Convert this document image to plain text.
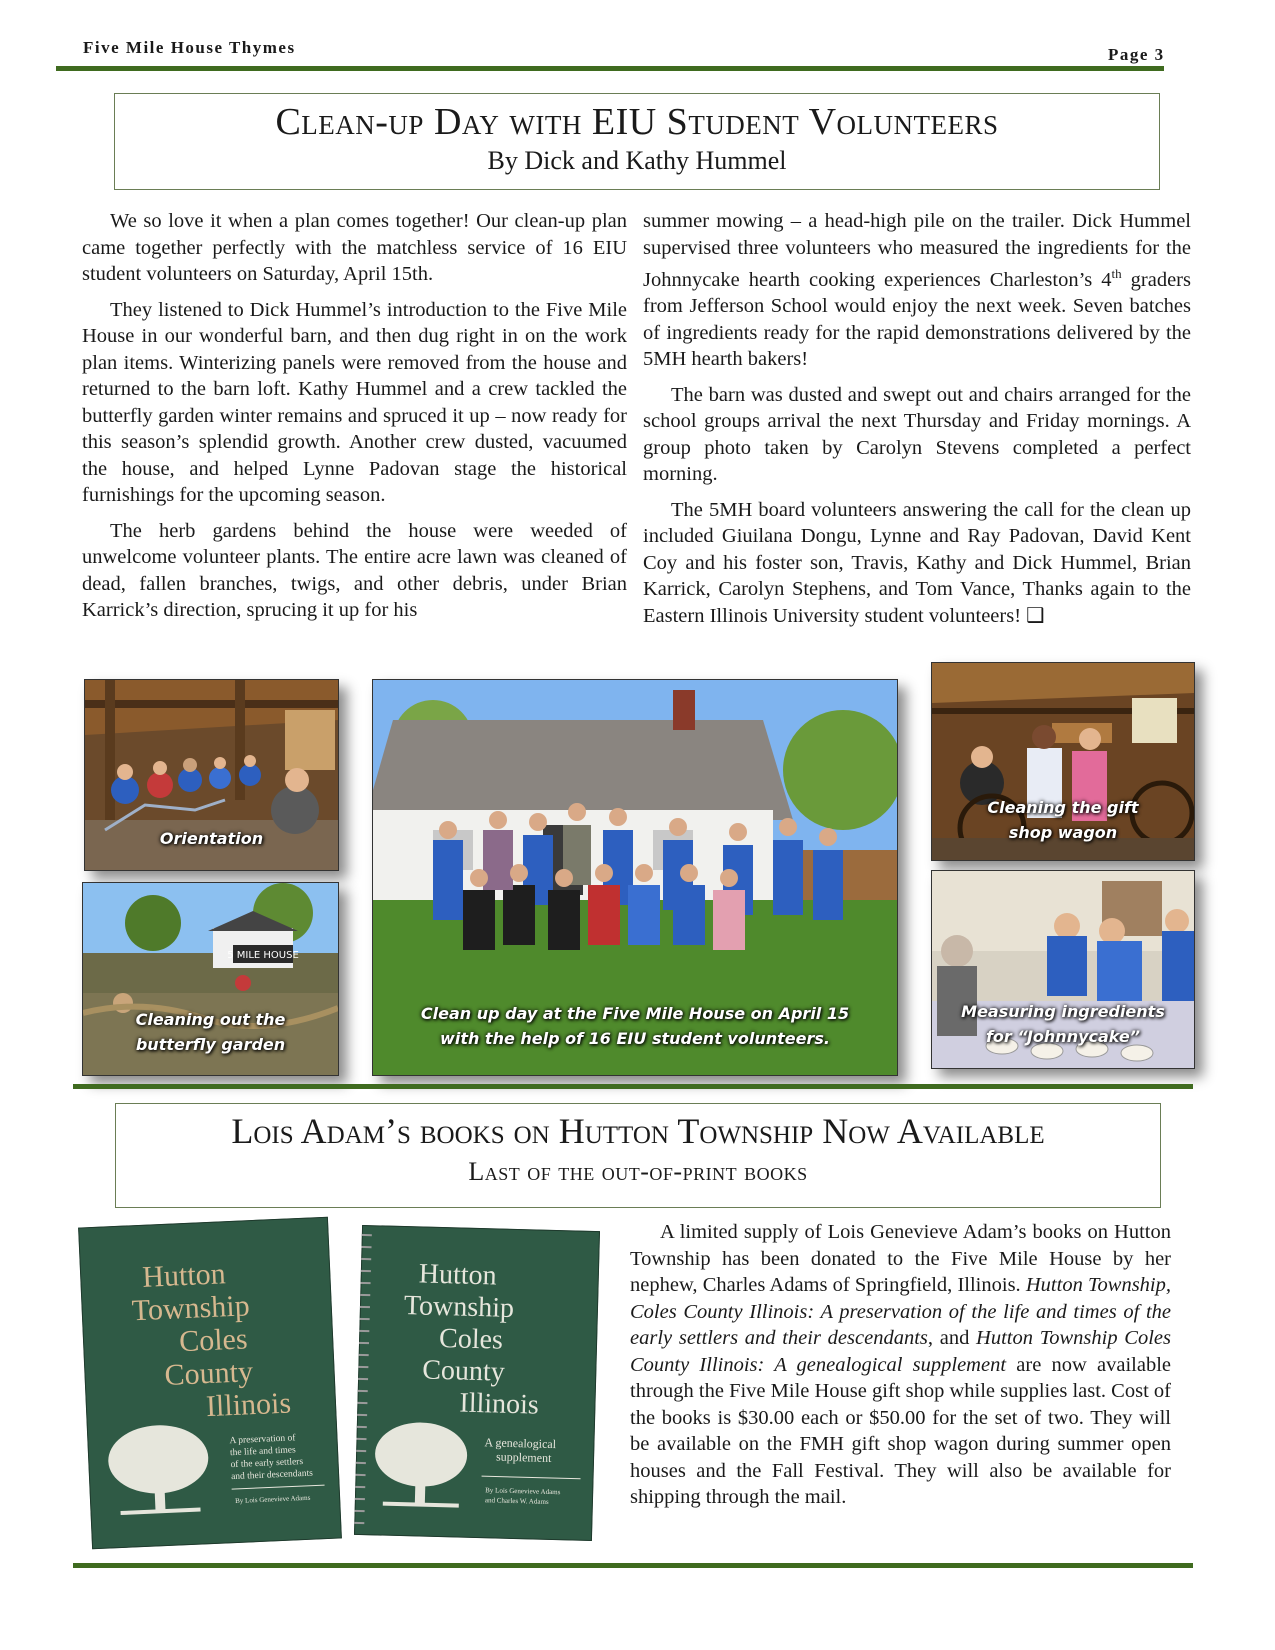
Five Mile House Thymes	Page 3
Clean-up Day with EIU Student Volunteers
By Dick and Kathy Hummel

We so love it when a plan comes together! Our clean-up plan came together perfectly with the matchless service of 16 EIU student volunteers on Saturday, April 15th.

They listened to Dick Hummel’s introduction to the Five Mile House in our wonderful barn, and then dug right in on the work plan items. Winterizing panels were removed from the house and returned to the barn loft. Kathy Hummel and a crew tackled the butterfly garden winter remains and spruced it up – now ready for this season’s splendid growth. Another crew dusted, vacuumed the house, and helped Lynne Padovan stage the historical furnishings for the upcoming season.

The herb gardens behind the house were weeded of unwelcome volunteer plants. The entire acre lawn was cleaned of dead, fallen branches, twigs, and other debris, under Brian Karrick’s direction, sprucing it up for his

summer mowing – a head-high pile on the trailer. Dick Hummel supervised three volunteers who measured the ingredients for the Johnnycake hearth cooking experiences Charleston’s 4th graders from Jefferson School would enjoy the next week. Seven batches of ingredients ready for the rapid demonstrations delivered by the 5MH hearth bakers!

The barn was dusted and swept out and chairs arranged for the school groups arrival the next Thursday and Friday mornings. A group photo taken by Carolyn Stevens completed a perfect morning.

The 5MH board volunteers answering the call for the clean up included Giuilana Dongu, Lynne and Ray Padovan, David Kent Coy and his foster son, Travis, Kathy and Dick Hummel, Brian Karrick, Carolyn Stephens, and Tom Vance, Thanks again to the Eastern Illinois University student volunteers! ❑

Orientation
5 MILE HOUSE
Cleaning out the
butterfly garden
Clean up day at the Five Mile House on April 15
with the help of 16 EIU student volunteers.
Cleaning the gift
shop wagon
Measuring ingredients
for “Johnnycake”
Lois Adam’s books on Hutton Township Now Available
Last of the out-of-print books
Hutton
Township
Coles
County
Illinois
A preservation of
the life and times
of the early settlers
and their descendants
By Lois Genevieve Adams
Hutton
Township
Coles
County
Illinois
A genealogical
supplement
By Lois Genevieve Adams
and Charles W. Adams

A limited supply of Lois Genevieve Adam’s books on Hutton Township has been donated to the Five Mile House by her nephew, Charles Adams of Springfield, Illinois. Hutton Township, Coles County Illinois: A preservation of the life and times of the early settlers and their descendants, and Hutton Township Coles County Illinois: A genealogical supplement are now available through the Five Mile House gift shop while supplies last. Cost of the books is $30.00 each or $50.00 for the set of two. They will be available on the FMH gift shop wagon during summer open houses and the Fall Festival. They will also be available for shipping through the mail.
